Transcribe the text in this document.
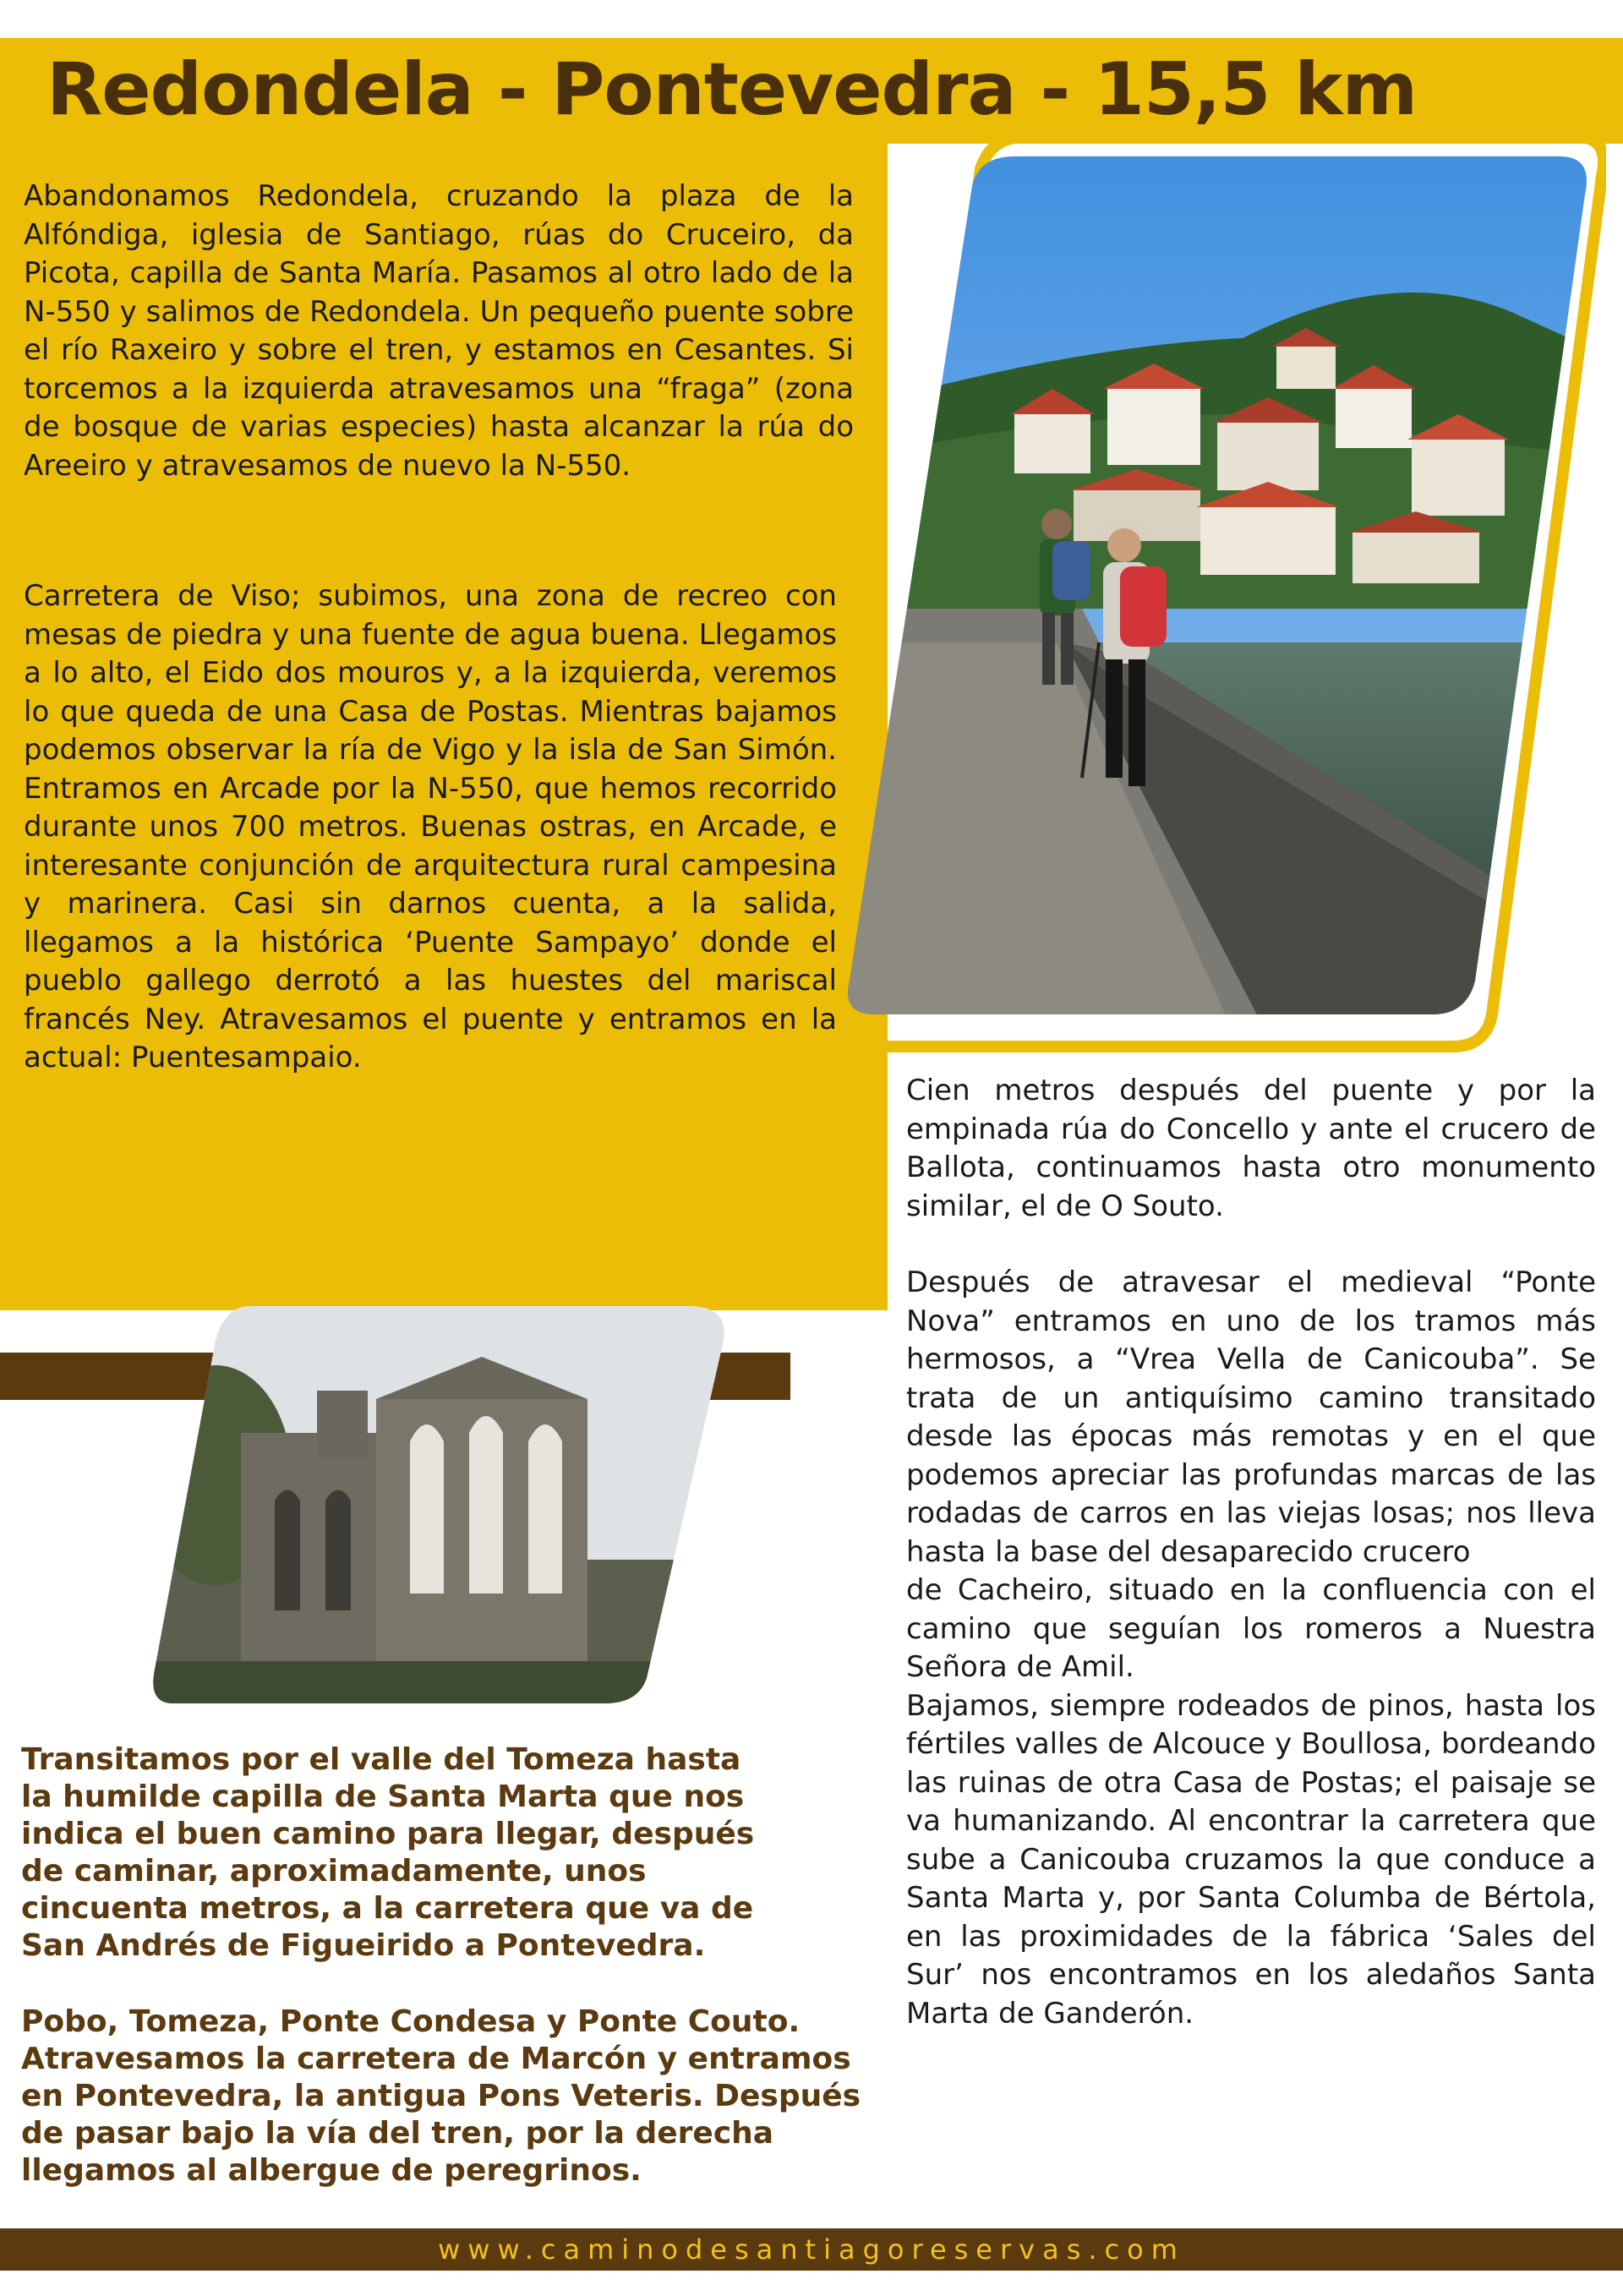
Redondela - Pontevedra - 15,5 km

Abandonamos Redondela, cruzando la plaza de la Alfóndiga, iglesia de Santiago, rúas do Cruceiro, da Picota, capilla de Santa María. Pasamos al otro lado de la N-550 y salimos de Redondela. Un pequeño puente sobre el río Raxeiro y sobre el tren, y estamos en Cesantes. Si torcemos a la izquierda atravesamos una “fraga” (zona de bosque de varias especies) hasta alcanzar la rúa do Areeiro y atravesamos de nuevo la N-550.

Carretera de Viso; subimos, una zona de recreo con mesas de piedra y una fuente de agua buena. Llegamos a lo alto, el Eido dos mouros y, a la izquierda, veremos lo que queda de una Casa de Postas. Mientras bajamos podemos observar la ría de Vigo y la isla de San Simón. Entramos en Arcade por la N-550, que hemos recorrido durante unos 700 metros. Buenas ostras, en Arcade, e interesante conjunción de arquitectura rural campesina y marinera. Casi sin darnos cuenta, a la salida, llegamos a la histórica ‘Puente Sampayo’ donde el pueblo gallego derrotó a las huestes del mariscal francés Ney. Atravesamos el puente y entramos en la actual: Puentesampaio.

Transitamos por el valle del Tomeza hasta la humilde capilla de Santa Marta que nos indica el buen camino para llegar, después de caminar, aproximadamente, unos cincuenta metros, a la carretera que va de San Andrés de Figueirido a Pontevedra.

Pobo, Tomeza, Ponte Condesa y Ponte Couto. Atravesamos la carretera de Marcón y entramos en Pontevedra, la antigua Pons Veteris. Después de pasar bajo la vía del tren, por la derecha llegamos al albergue de peregrinos.

Cien metros después del puente y por la empinada rúa do Concello y ante el crucero de Ballota, continuamos hasta otro monumento similar, el de O Souto.

Después de atravesar el medieval “Ponte Nova” entramos en uno de los tramos más hermosos, a “Vrea Vella de Canicouba”. Se trata de un antiquísimo camino transitado desde las épocas más remotas y en el que podemos apreciar las profundas marcas de las rodadas de carros en las viejas losas; nos lleva hasta la base del desaparecido crucero

de Cacheiro, situado en la confluencia con el camino que seguían los romeros a Nuestra Señora de Amil.

Bajamos, siempre rodeados de pinos, hasta los fértiles valles de Alcouce y Boullosa, bordeando las ruinas de otra Casa de Postas; el paisaje se va humanizando. Al encontrar la carretera que sube a Canicouba cruzamos la que conduce a Santa Marta y, por Santa Columba de Bértola, en las proximidades de la fábrica ‘Sales del Sur’ nos encontramos en los aledaños Santa Marta de Ganderón.

www.caminodesantiagoreservas.com
